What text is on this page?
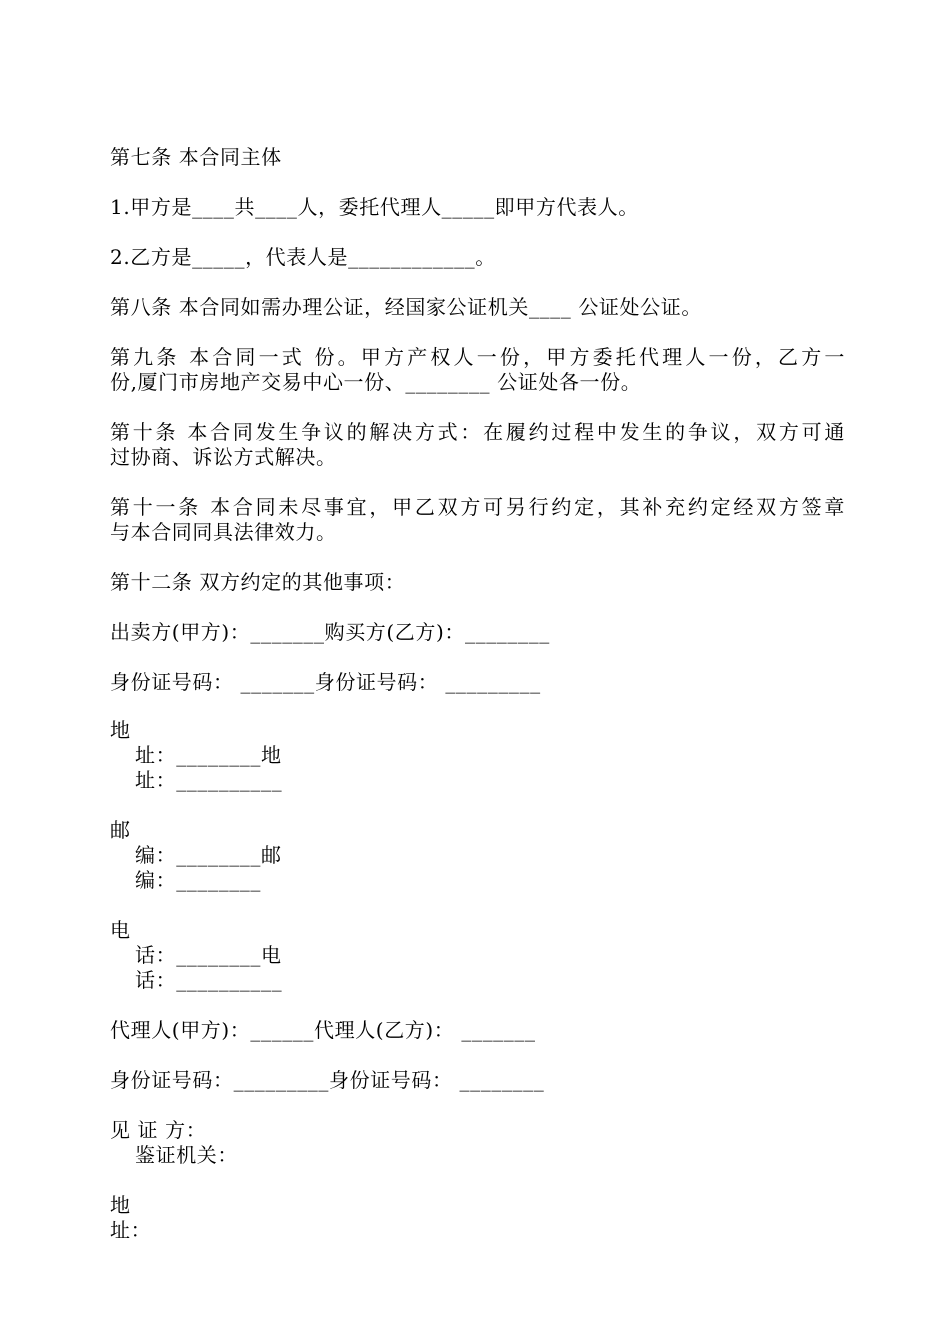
第七条 本合同主体
1.甲方是____共____人，委托代理人_____即甲方代表人。
2.乙方是_____，代表人是____________。
第八条 本合同如需办理公证，经国家公证机关____ 公证处公证。
第九条 本合同一式 份。甲方产权人一份，甲方委托代理人一份，乙方一
份,厦门市房地产交易中心一份、________ 公证处各一份。
第十条 本合同发生争议的解决方式：在履约过程中发生的争议，双方可通
过协商、诉讼方式解决。
第十一条 本合同未尽事宜，甲乙双方可另行约定，其补充约定经双方签章
与本合同同具法律效力。
第十二条 双方约定的其他事项：
出卖方(甲方)：_______购买方(乙方)：________
身份证号码： _______身份证号码： _________
地
址：________地
址：__________
邮
编：________邮
编：________
电
话：________电
话：__________
代理人(甲方)：______代理人(乙方)： _______
身份证号码：_________身份证号码： ________
见 证 方：
鉴证机关：
地
址：
